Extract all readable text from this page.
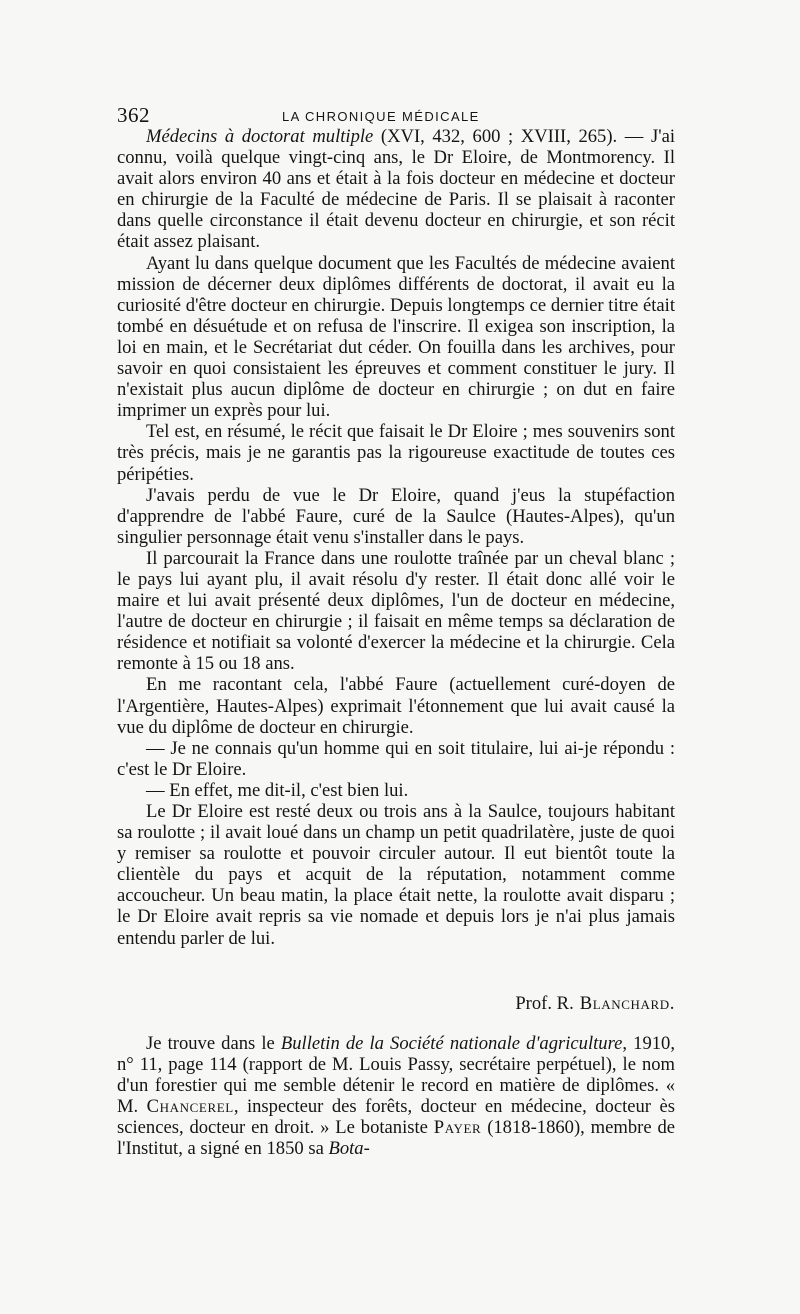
362	LA CHRONIQUE MÉDICALE

Médecins à doctorat multiple (XVI, 432, 600 ; XVIII, 265). — J'ai connu, voilà quelque vingt-cinq ans, le Dr Eloire, de Montmorency. Il avait alors environ 40 ans et était à la fois docteur en médecine et docteur en chirurgie de la Faculté de médecine de Paris. Il se plaisait à raconter dans quelle circonstance il était devenu docteur en chirurgie, et son récit était assez plaisant.

Ayant lu dans quelque document que les Facultés de médecine avaient mission de décerner deux diplômes différents de doctorat, il avait eu la curiosité d'être docteur en chirurgie. Depuis longtemps ce dernier titre était tombé en désuétude et on refusa de l'inscrire. Il exigea son inscription, la loi en main, et le Secrétariat dut céder. On fouilla dans les archives, pour savoir en quoi consistaient les épreuves et comment constituer le jury. Il n'existait plus aucun diplôme de docteur en chirurgie ; on dut en faire imprimer un exprès pour lui.

Tel est, en résumé, le récit que faisait le Dr Eloire ; mes souvenirs sont très précis, mais je ne garantis pas la rigoureuse exactitude de toutes ces péripéties.

J'avais perdu de vue le Dr Eloire, quand j'eus la stupéfaction d'apprendre de l'abbé Faure, curé de la Saulce (Hautes-Alpes), qu'un singulier personnage était venu s'installer dans le pays.

Il parcourait la France dans une roulotte traînée par un cheval blanc ; le pays lui ayant plu, il avait résolu d'y rester. Il était donc allé voir le maire et lui avait présenté deux diplômes, l'un de docteur en médecine, l'autre de docteur en chirurgie ; il faisait en même temps sa déclaration de résidence et notifiait sa volonté d'exercer la médecine et la chirurgie. Cela remonte à 15 ou 18 ans.

En me racontant cela, l'abbé Faure (actuellement curé-doyen de l'Argentière, Hautes-Alpes) exprimait l'étonnement que lui avait causé la vue du diplôme de docteur en chirurgie.

— Je ne connais qu'un homme qui en soit titulaire, lui ai-je répondu : c'est le Dr Eloire.

— En effet, me dit-il, c'est bien lui.

Le Dr Eloire est resté deux ou trois ans à la Saulce, toujours habitant sa roulotte ; il avait loué dans un champ un petit quadrilatère, juste de quoi y remiser sa roulotte et pouvoir circuler autour. Il eut bientôt toute la clientèle du pays et acquit de la réputation, notamment comme accoucheur. Un beau matin, la place était nette, la roulotte avait disparu ; le Dr Eloire avait repris sa vie nomade et depuis lors je n'ai plus jamais entendu parler de lui.

Prof. R. Blanchard.

Je trouve dans le Bulletin de la Société nationale d'agriculture, 1910, n° 11, page 114 (rapport de M. Louis Passy, secrétaire perpétuel), le nom d'un forestier qui me semble détenir le record en matière de diplômes. « M. Chancerel, inspecteur des forêts, docteur en médecine, docteur ès sciences, docteur en droit. » Le botaniste Payer (1818-1860), membre de l'Institut, a signé en 1850 sa Bota-
